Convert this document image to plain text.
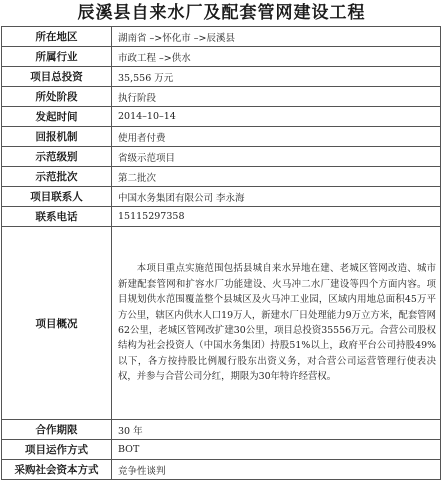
辰溪县自来水厂及配套管网建设工程
所在地区	湖南省 –>怀化市 –>辰溪县
所属行业	市政工程 –>供水
项目总投资	35,556 万元
所处阶段	执行阶段
发起时间	2014–10–14
回报机制	使用者付费
示范级别	省级示范项目
示范批次	第二批次
项目联系人	中国水务集团有限公司 李永海
联系电话	15115297358
项目概况	本项目重点实施范围包括县城自来水异地在建、老城区管网改造、城市新建配套管网和扩容水厂功能建设、火马冲二水厂建设等四个方面内容。项目规划供水范围覆盖整个县城区及火马冲工业园，区域内用地总面积45万平方公里，辖区内供水人口19万人，新建水厂日处理能力9万立方米，配套管网62公里，老城区管网改扩建30公里，项目总投资35556万元。合营公司股权结构为社会投资人（中国水务集团）持股51%以上，政府平台公司持股49%以下，各方按持股比例履行股东出资义务，对合营公司运营管理行使表决权，并参与合营公司分红，期限为30年特许经营权。
合作期限	30 年
项目运作方式	BOT
采购社会资本方式	竞争性谈判
